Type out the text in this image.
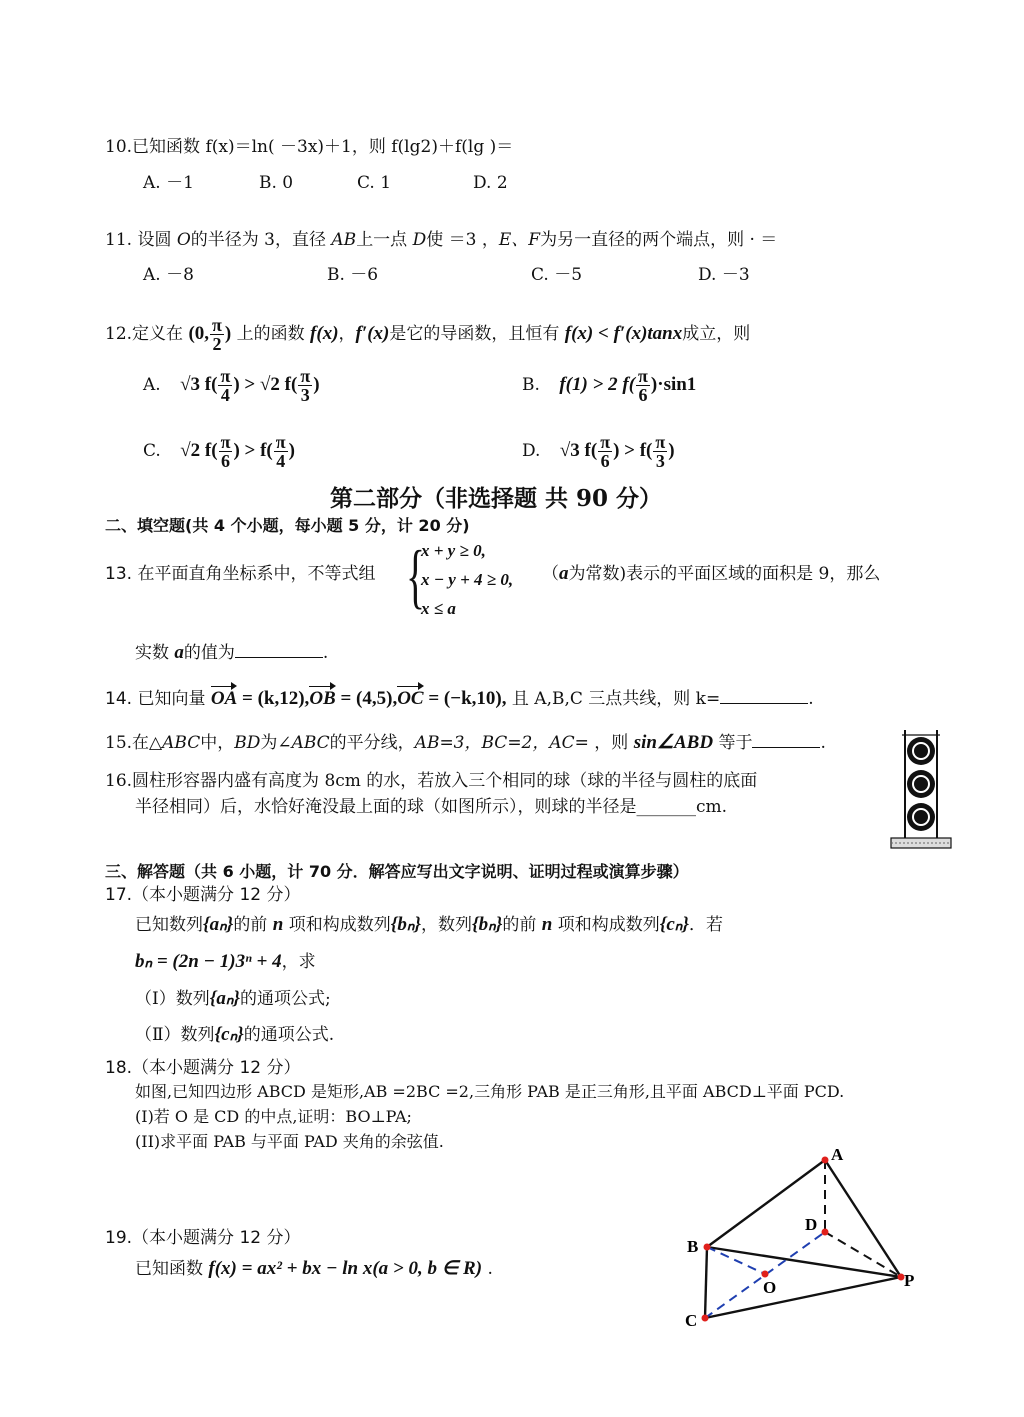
10.已知函数 f(x)＝ln( －3x)＋1，则 f(lg2)＋f(lg )＝
A. －1	B. 0	C. 1	D. 2
11. 设圆 O的半径为 3，直径 AB上一点 D使 ＝3 ，E、F为另一直径的两个端点，则 · ＝
A. －8	B. －6	C. －5	D. －3
12.定义在 (0, $\frac{\pi}{2}$ ) 上的函数 f(x)，f′(x)是它的导函数，且恒有 f(x) < f′(x)tanx成立，则
A. √3 $f( \frac{\pi}{4}$ ) > √2 $f( \frac{\pi}{3}$ )	B. f(1) > 2 $f( \frac{\pi}{6} )\cdot\sin 1$
C. √2 $f( \frac{\pi}{6}$ ) > $f( \frac{\pi}{4}$ )	D. √3 $f( \frac{\pi}{6}$ ) > $f( \frac{\pi}{3}$ )
第二部分（非选择题 共 90 分）
二、填空题(共 4 个小题，每小题 5 分，计 20 分)
13. 在平面直角坐标系中，不等式组 {
x + y ≥ 0,
x − y + 4 ≥ 0,
x ≤ a
（a为常数)表示的平面区域的面积是 9，那么
实数 a的值为	.
14. 已知向量 OA = (k,12),OB = (4,5),OC = (−k,10), 且 A,B,C 三点共线，则 k=	.
15.在△ABC中，BD为∠ABC的平分线，AB=3，BC=2，AC= ，则 sin∠ABD 等于	.
16.圆柱形容器内盛有高度为 8cm 的水，若放入三个相同的球（球的半径与圆柱的底面
半径相同）后，水恰好淹没最上面的球（如图所示），则球的半径是_______cm.
三、解答题（共 6 小题，计 70 分．解答应写出文字说明、证明过程或演算步骤）
17.（本小题满分 12 分）
已知数列{aₙ}的前 n 项和构成数列{bₙ}，数列{bₙ}的前 n 项和构成数列{cₙ}．若
bₙ = (2n − 1)3ⁿ + 4，求
（Ⅰ）数列{aₙ}的通项公式;
（Ⅱ）数列{cₙ}的通项公式.
18.（本小题满分 12 分）
如图,已知四边形 ABCD 是矩形,AB =2BC =2,三角形 PAB 是正三角形,且平面 ABCD⊥平面 PCD.
(I)若 O 是 CD 的中点,证明：BO⊥PA;
(II)求平面 PAB 与平面 PAD 夹角的余弦值.
19.（本小题满分 12 分）
已知函数 f(x) = ax² + bx − ln x(a > 0, b ∈ R) .
A
B
C
D
O	P
